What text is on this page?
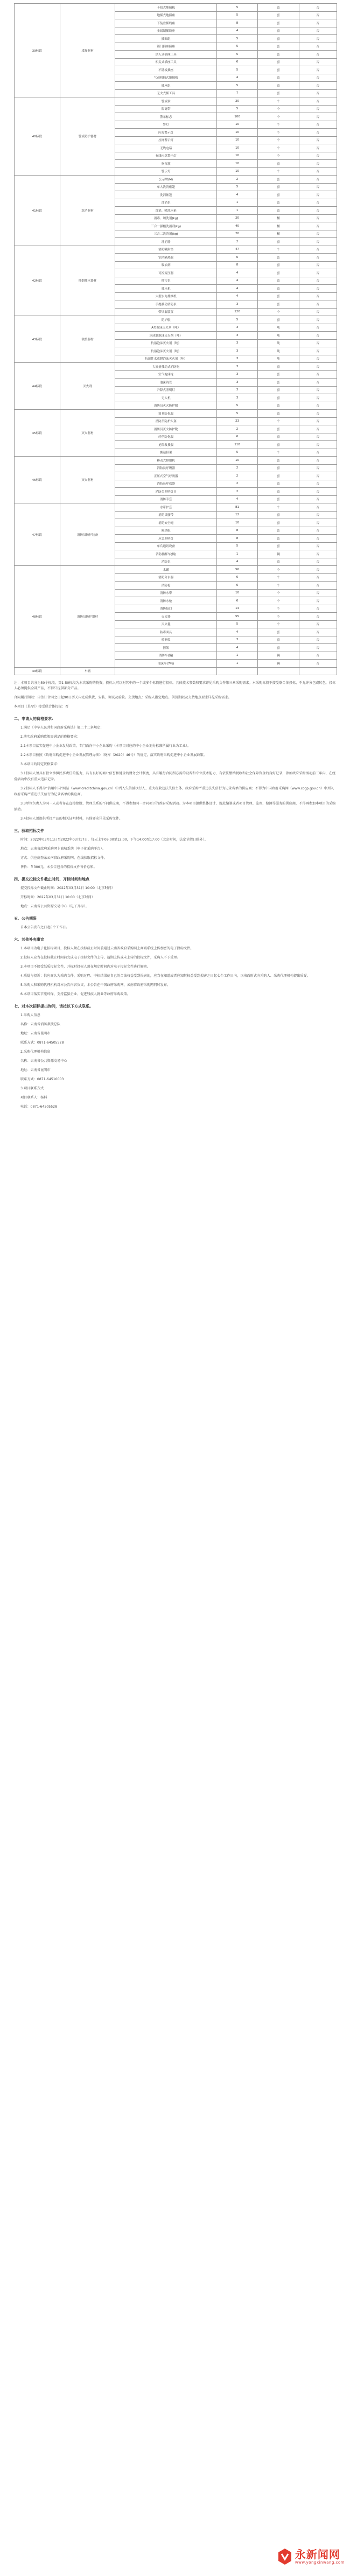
39标段	堵漏器材	卡扣式地插板	5	套	否
		地插式地插座	5	套	否
		下装盘插线座	8	套	否
		金属制插线座	4	套	否
		插圈组	5	套	否
		锁门插座插座	5	套	否
		活人式插座工具	5	套	否
		相关式插座工具	6	套	否
		不锈板插座	5	套	否
		气动机插式地插板	4	套	否
		插座组	5	套	否
		无火式插工具	7	套	否
40标段	警戒防护器材	警戒锥	20	个	否
		隔离带	5	个	否
		警示标志	100	个	否
		警灯	10	个	否
		闪光警示灯	10	个	否
		拉网警示灯	10	个	否
		无线电话	10	个	否
		有线应急警示灯	10	个	否
		指挥旗	10	套	否
		警示灯	10	个	否
41标段	洗消器材	公示牌(M)	2	套	否
		单人洗消帐篷	5	套	否
		洗消帐篷	4	套	否
		洗消泵	1	套	否
		洗消、喷洗水枪	1	套	否
		消毒、喷洗剂(kg)	20	桶	否
		三合一强酸洗消剂(kg)	40	桶	否
		三合二洗消剂(kg)	20	桶	否
		洗消器	2	套	否
42标段	排烟排水器材	消防吸附垫	47	个	否
		铝箔隔热服	6	套	否
		吸油剂	8	套	否
		可控变压器	4	套	否
		排污泵	4	套	否
		抽水机	4	套	否
		大型水力排烟机	4	套	否
		手提移动消防泵	3	套	否
		带堵漏装置	120	个	否
43标段	救援器材	防护服	5	套	否
		A类泡沫灭火剂（吨）	3	吨	否
		水成膜泡沫灭火剂（吨）	3	吨	否
		抗溶泡沫灭火剂（吨）	3	吨	否
		抗溶泡沫灭火剂（吨）	3	吨	否
		抗溶性水成膜泡沫灭火剂（吨）	3	吨	否
44标段	灭火剂	大流量移动式消防炮	3	套	否
		空气泡沫枪	3	套	否
		泡沫钩管	3	套	否
		升降式照明灯	3	套	否
		无人机	3	套	否
		消防员灭火防护服	5	套	否
45标段	灭火器材	简易防化服	5	套	否
		消防员防护头盔	23	个	否
		消防员灭火防护靴	2	套	否
		轻型防化服	6	套	否
		抢险救援服	118	套	否
		搬运担架	5	个	否
46标段	灭火器材	移动式排烟机	10	套	否
		消防员呼吸器	2	套	否
		正压式空气呼吸器	2	套	否
		消防员呼救器	2	套	否
		消防员照明灯具	2	套	否
		消防手套	4	套	否
47标段	消防员防护装备	水带护套	81	个	否
		消防员腰带	12	套	否
		消防安全绳	10	套	否
		隔热服	8	套	否
		应急照明灯	8	套	否
		单兵通讯设备	5	套	否
		消防指挥车(辆)	1	辆	否
		消防泵	4	套	否
48标段	消防员防护器材	水罐	56	个	否
		消防分水器	6	个	否
		消防枪	6	个	否
		消防水带	10	个	否
		消防水枪	6	个	否
		消防接口	14	个	否
		灭火器	55	个	否
		灭火毯	5	个	否
		防毒面具	4	套	否
		检测仪	3	套	否
		担架	4	套	否
		消防车(辆)	1	辆	否
		泡沫车(7吨)	1	辆	否
49标段	车辆				

注：本项目共分为50个标段，第1-50标段为本次采购的物资，投标人可以对其中的一个或多个标段进行投标。具体技术参数和要求详见采购文件第三章采购需求。本采购标段不接受联合体投标，不允许分包或转包，投标人必须提供全部产品，不得只提供部分产品。

合同履行期限：自签订合同之日起90日历天内完成供货、安装、调试及验收。交货地点：采购人指定地点。供货期限及交货地点要求详见采购需求。

本项目（是/否）接受联合体投标：否

二、申请人的资格要求：

1.满足《中华人民共和国政府采购法》第二十二条规定；

2.落实政府采购政策需满足的资格要求：

2.1本项目落实促进中小企业发展政策，专门面向中小企业采购（本项目对应的中小企业划分标准所属行业为工业）。

2.2本项目按照《政府采购促进中小企业发展管理办法》（财库〔2020〕46号）的规定，落实政府采购促进中小企业发展政策。

3.本项目的特定资格要求：

3.1投标人须具有独立承担民事责任的能力，具有良好的商业信誉和健全的财务会计制度，具有履行合同所必需的设备和专业技术能力，有依法缴纳税收和社会保障资金的良好记录，参加政府采购活动前三年内，在经营活动中没有重大违法记录。

3.2投标人不得为“信用中国”网站（www.creditchina.gov.cn）中列入失信被执行人、重大税收违法失信主体、政府采购严重违法失信行为记录名单的供应商；不得为中国政府采购网（www.ccgp.gov.cn）中列入政府采购严重违法失信行为记录名单的供应商。

3.3单位负责人为同一人或者存在直接控股、管理关系的不同供应商，不得参加同一合同项下的政府采购活动。为本项目提供整体设计、规范编制或者项目管理、监理、检测等服务的供应商，不得再参加本项目的采购活动。

3.4投标人须提供所投产品的相关证明材料，具体要求详见采购文件。

三、获取招标文件

时间：2022年03月11日至2022年03月17日，每天上午09:00至12:00，下午14:00至17:00（北京时间，法定节假日除外）。

地点：云南省政府采购网上商城系统（电子化采购平台）。

方式：供应商登录云南省政府采购网，在线获取招标文件。

售价：￥300元，本公告包含的招标文件售价总和。

四、提交投标文件截止时间、开标时间和地点

提交投标文件截止时间：2022年03月31日 10:00（北京时间）

开标时间：2022年03月31日 10:00（北京时间）

地点：云南省公共资源交易中心（电子开标）。

五、公告期限

自本公告发布之日起5个工作日。

六、其他补充事宜

1.本项目为电子化招标项目，投标人须在投标截止时间前通过云南省政府采购网上商城系统上传加密的电子投标文件。

2.投标人应当在投标截止时间前完成电子投标文件的上传，逾期上传或未上传的投标文件，采购人不予受理。

3.本项目不接受纸质投标文件，开标时投标人须在规定时间内对电子投标文件进行解密。

4.质疑与投诉：供应商认为采购文件、采购过程、中标结果使自己的合法权益受到损害的，应当在知道或者应知其权益受到损害之日起七个工作日内，以书面形式向采购人、采购代理机构提出质疑。

5.采购人和采购代理机构对本公告内容负责，本公告在中国政府采购网、云南省政府采购网同时发布。

6.本项目落实节能环保、支持监狱企业、促进残疾人就业等政府采购政策。

七、对本次招标提出询问，请按以下方式联系。

1.采购人信息

名称：云南省消防救援总队

地址：云南省昆明市

联系方式：0871-64505528

2.采购代理机构信息

名称：云南省公共资源交易中心

地址：云南省昆明市

联系方式：0871-64510003

3.项目联系方式

项目联系人：杨科

电话：0871-64505528

永新闻网
www.yongxinwang.com
